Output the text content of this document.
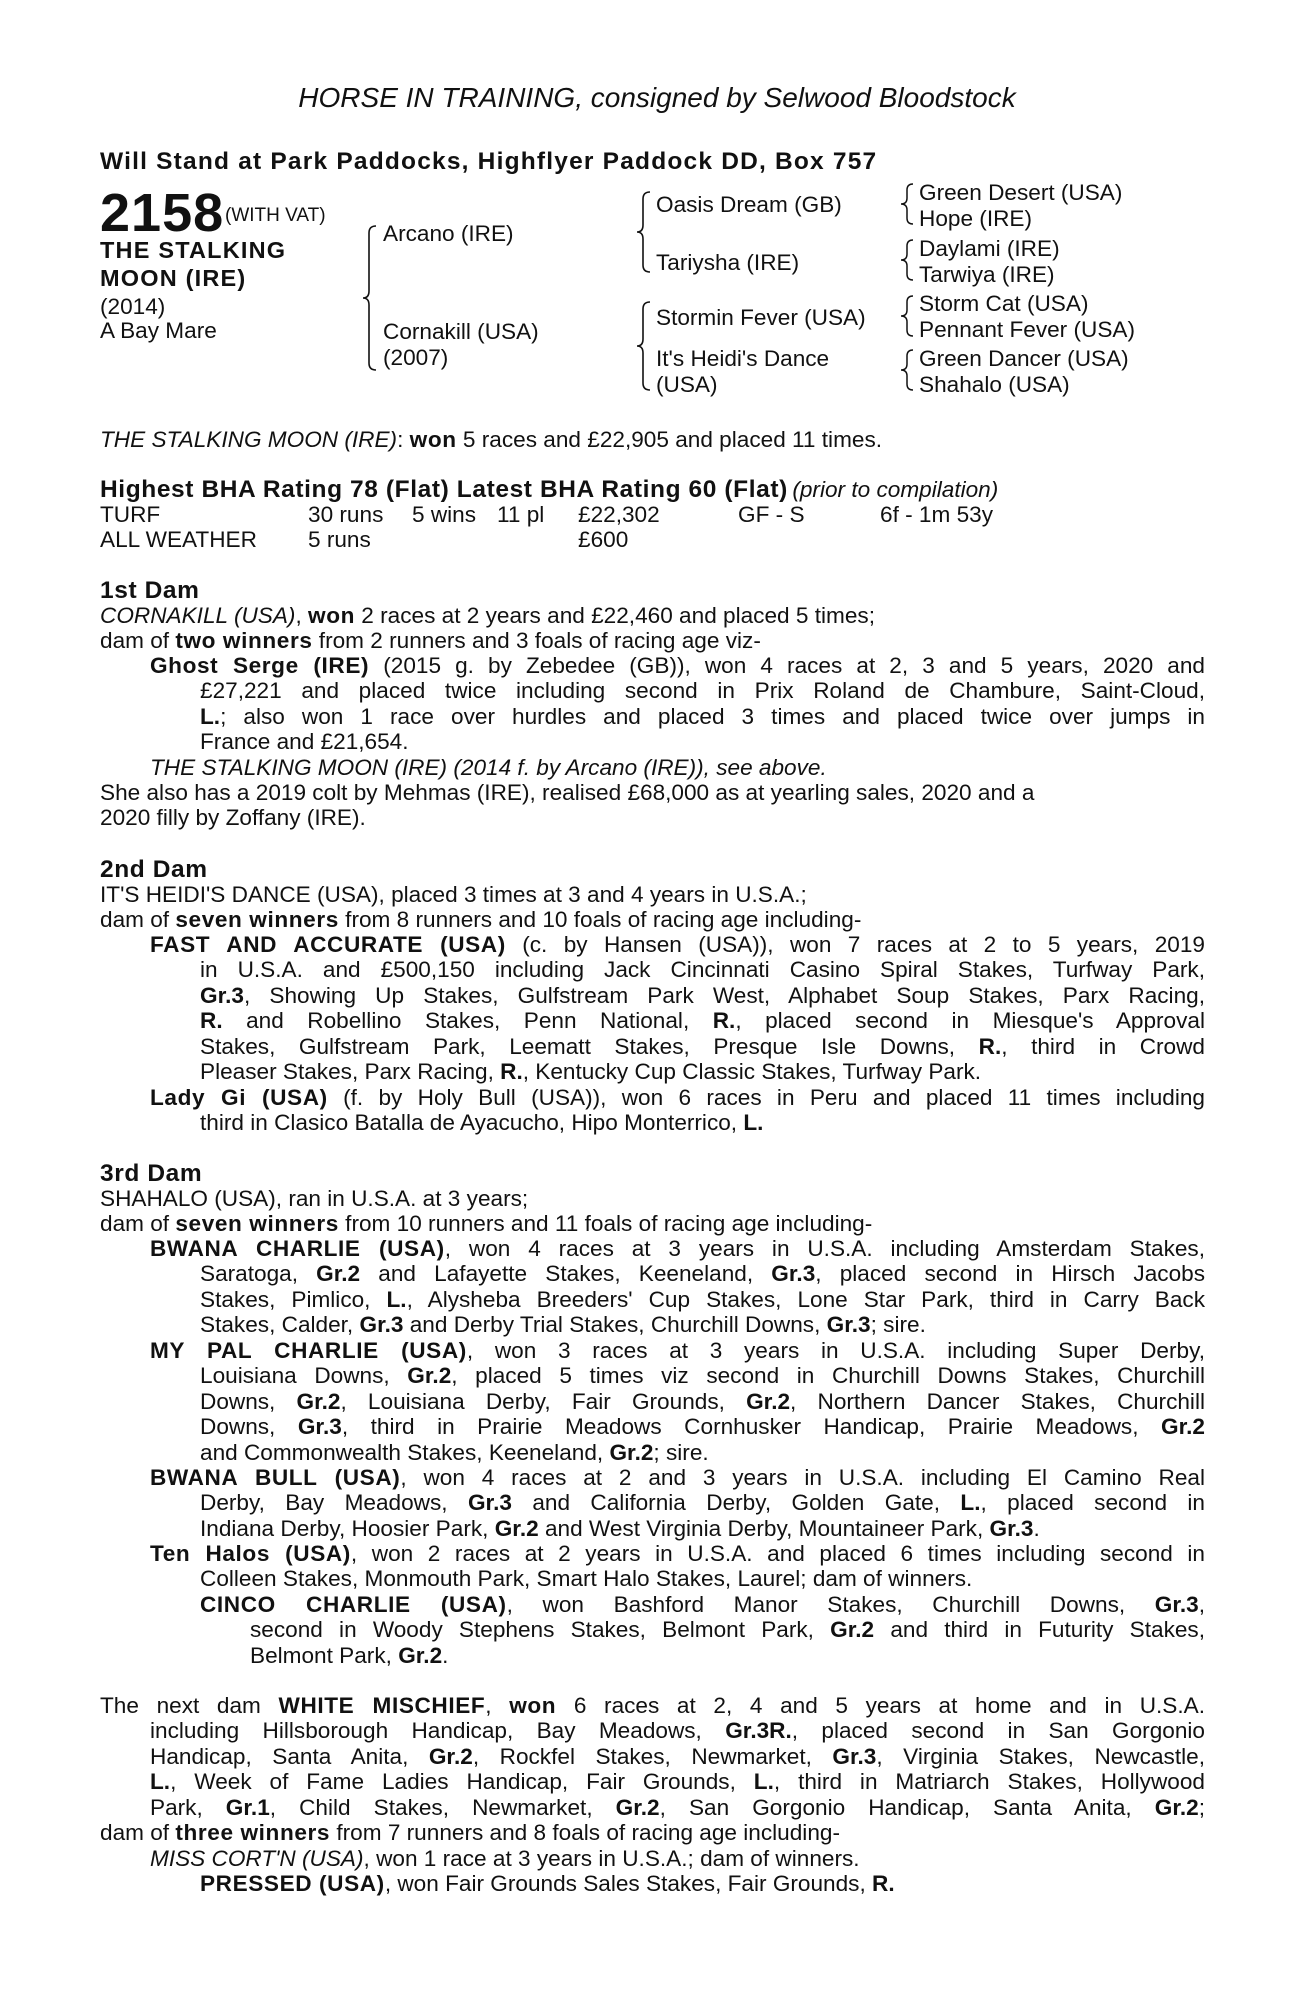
HORSE IN TRAINING, consigned by Selwood Bloodstock
Will Stand at Park Paddocks, Highflyer Paddock DD, Box 757
2158 (WITH VAT)
THE STALKING
MOON (IRE)
(2014)
A Bay Mare
Arcano (IRE)
Cornakill (USA)
(2007)
Oasis Dream (GB)
Tariysha (IRE)
Stormin Fever (USA)
It's Heidi's Dance
(USA)
Green Desert (USA)
Hope (IRE)
Daylami (IRE)
Tarwiya (IRE)
Storm Cat (USA)
Pennant Fever (USA)
Green Dancer (USA)
Shahalo (USA)
THE STALKING MOON (IRE): won 5 races and £22,905 and placed 11 times.
Highest BHA Rating 78 (Flat) Latest BHA Rating 60 (Flat) (prior to compilation)
TURF	30 runs 5 wins 11 pl £22,302	GF - S	6f - 1m 53y
ALL WEATHER 5 runs	£600
1st Dam
CORNAKILL (USA), won 2 races at 2 years and £22,460 and placed 5 times;
dam of two winners from 2 runners and 3 foals of racing age viz-
Ghost Serge (IRE) (2015 g. by Zebedee (GB)), won 4 races at 2, 3 and 5 years, 2020 and
£27,221 and placed twice including second in Prix Roland de Chambure, Saint-Cloud,
L.; also won 1 race over hurdles and placed 3 times and placed twice over jumps in
France and £21,654.
THE STALKING MOON (IRE) (2014 f. by Arcano (IRE)), see above.
She also has a 2019 colt by Mehmas (IRE), realised £68,000 as at yearling sales, 2020 and a
2020 filly by Zoffany (IRE).
2nd Dam
IT'S HEIDI'S DANCE (USA), placed 3 times at 3 and 4 years in U.S.A.;
dam of seven winners from 8 runners and 10 foals of racing age including-
FAST AND ACCURATE (USA) (c. by Hansen (USA)), won 7 races at 2 to 5 years, 2019
in U.S.A. and £500,150 including Jack Cincinnati Casino Spiral Stakes, Turfway Park,
Gr.3, Showing Up Stakes, Gulfstream Park West, Alphabet Soup Stakes, Parx Racing,
R. and Robellino Stakes, Penn National, R., placed second in Miesque's Approval
Stakes, Gulfstream Park, Leematt Stakes, Presque Isle Downs, R., third in Crowd
Pleaser Stakes, Parx Racing, R., Kentucky Cup Classic Stakes, Turfway Park.
Lady Gi (USA) (f. by Holy Bull (USA)), won 6 races in Peru and placed 11 times including
third in Clasico Batalla de Ayacucho, Hipo Monterrico, L.
3rd Dam
SHAHALO (USA), ran in U.S.A. at 3 years;
dam of seven winners from 10 runners and 11 foals of racing age including-
BWANA CHARLIE (USA), won 4 races at 3 years in U.S.A. including Amsterdam Stakes,
Saratoga, Gr.2 and Lafayette Stakes, Keeneland, Gr.3, placed second in Hirsch Jacobs
Stakes, Pimlico, L., Alysheba Breeders' Cup Stakes, Lone Star Park, third in Carry Back
Stakes, Calder, Gr.3 and Derby Trial Stakes, Churchill Downs, Gr.3; sire.
MY PAL CHARLIE (USA), won 3 races at 3 years in U.S.A. including Super Derby,
Louisiana Downs, Gr.2, placed 5 times viz second in Churchill Downs Stakes, Churchill
Downs, Gr.2, Louisiana Derby, Fair Grounds, Gr.2, Northern Dancer Stakes, Churchill
Downs, Gr.3, third in Prairie Meadows Cornhusker Handicap, Prairie Meadows, Gr.2
and Commonwealth Stakes, Keeneland, Gr.2; sire.
BWANA BULL (USA), won 4 races at 2 and 3 years in U.S.A. including El Camino Real
Derby, Bay Meadows, Gr.3 and California Derby, Golden Gate, L., placed second in
Indiana Derby, Hoosier Park, Gr.2 and West Virginia Derby, Mountaineer Park, Gr.3.
Ten Halos (USA), won 2 races at 2 years in U.S.A. and placed 6 times including second in
Colleen Stakes, Monmouth Park, Smart Halo Stakes, Laurel; dam of winners.
CINCO CHARLIE (USA), won Bashford Manor Stakes, Churchill Downs, Gr.3,
second in Woody Stephens Stakes, Belmont Park, Gr.2 and third in Futurity Stakes,
Belmont Park, Gr.2.
The next dam WHITE MISCHIEF, won 6 races at 2, 4 and 5 years at home and in U.S.A.
including Hillsborough Handicap, Bay Meadows, Gr.3R., placed second in San Gorgonio
Handicap, Santa Anita, Gr.2, Rockfel Stakes, Newmarket, Gr.3, Virginia Stakes, Newcastle,
L., Week of Fame Ladies Handicap, Fair Grounds, L., third in Matriarch Stakes, Hollywood
Park, Gr.1, Child Stakes, Newmarket, Gr.2, San Gorgonio Handicap, Santa Anita, Gr.2;
dam of three winners from 7 runners and 8 foals of racing age including-
MISS CORT'N (USA), won 1 race at 3 years in U.S.A.; dam of winners.
PRESSED (USA), won Fair Grounds Sales Stakes, Fair Grounds, R.
